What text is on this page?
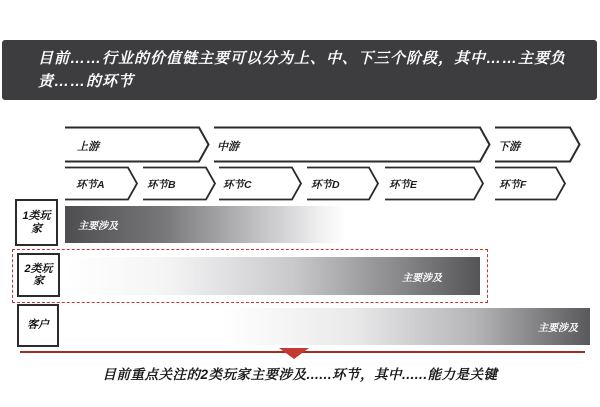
目前……行业的价值链主要可以分为上、中、下三个阶段，其中……主要负责……的环节
上游	中游	下游
环节A	环节B	环节C	环节D	环节E	环节F
1类玩家	主要涉及
2类玩家	主要涉及
客户	主要涉及
目前重点关注的2类玩家主要涉及......环节，其中......能力是关键
